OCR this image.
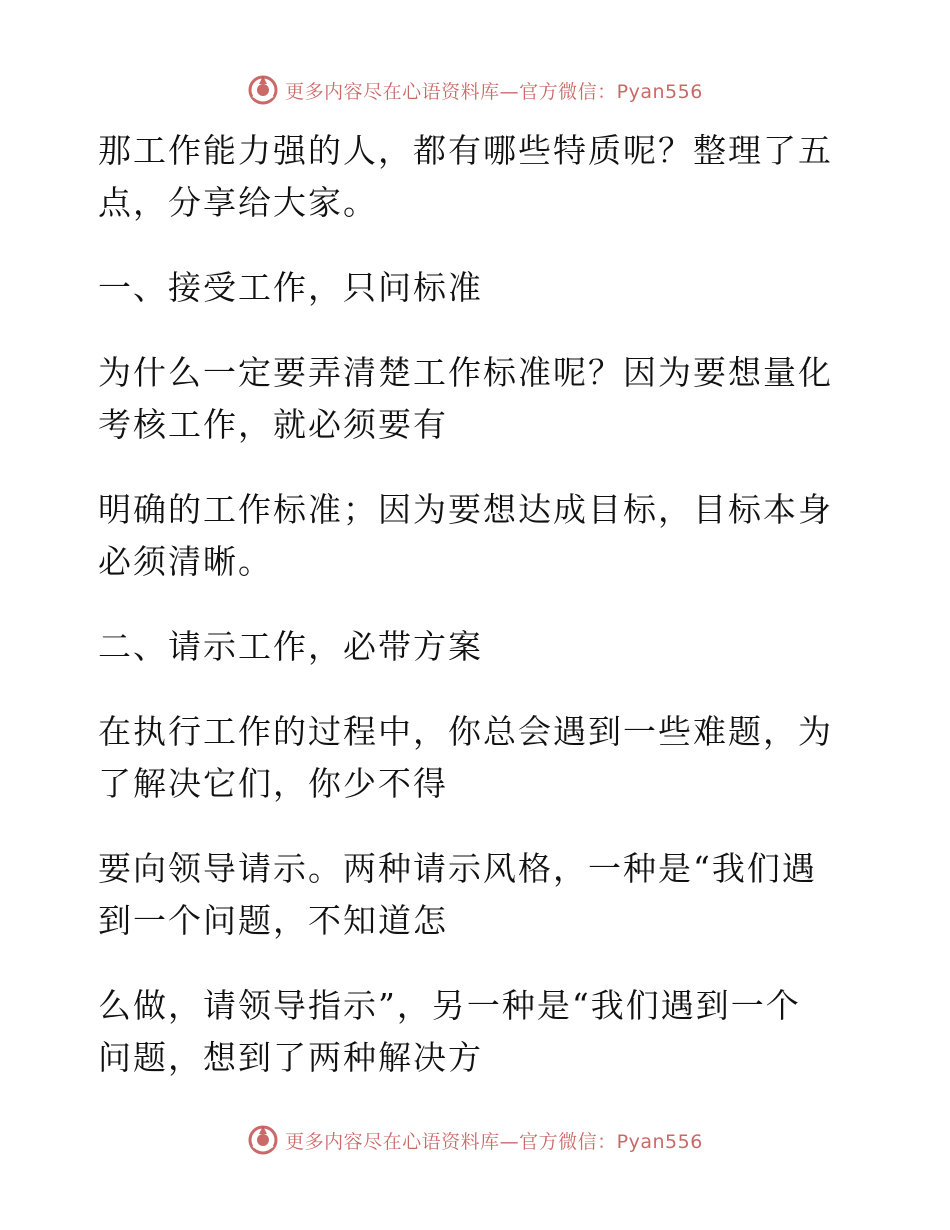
更多内容尽在心语资料库—官方微信：Pyan556

那工作能力强的人，都有哪些特质呢？整理了五
点，分享给大家。

一、接受工作，只问标准

为什么一定要弄清楚工作标准呢？因为要想量化
考核工作，就必须要有

明确的工作标准；因为要想达成目标，目标本身
必须清晰。

二、请示工作，必带方案

在执行工作的过程中，你总会遇到一些难题，为
了解决它们，你少不得

要向领导请示。两种请示风格，一种是“我们遇
到一个问题，不知道怎

么做，请领导指示”，另一种是“我们遇到一个
问题，想到了两种解决方

更多内容尽在心语资料库—官方微信：Pyan556
